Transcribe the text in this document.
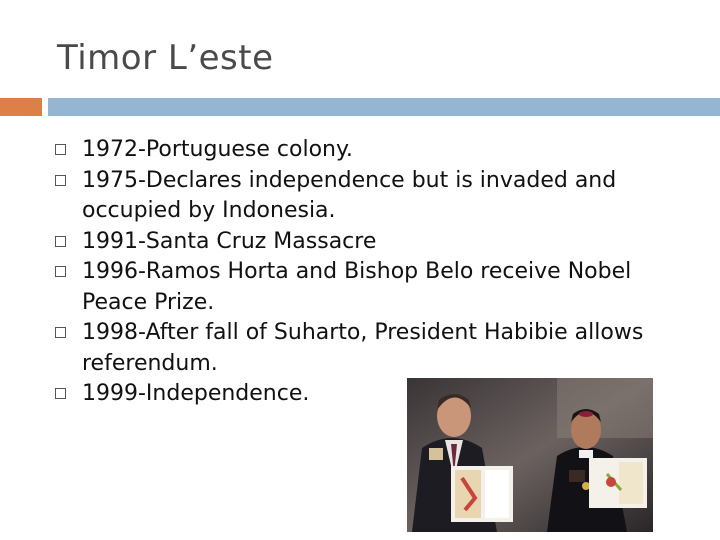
Timor L’este
1972-Portuguese colony.
1975-Declares independence but is invaded and occupied by Indonesia.
1991-Santa Cruz Massacre
1996-Ramos Horta and Bishop Belo receive Nobel Peace Prize.
1998-After fall of Suharto, President Habibie allows referendum.
1999-Independence.
